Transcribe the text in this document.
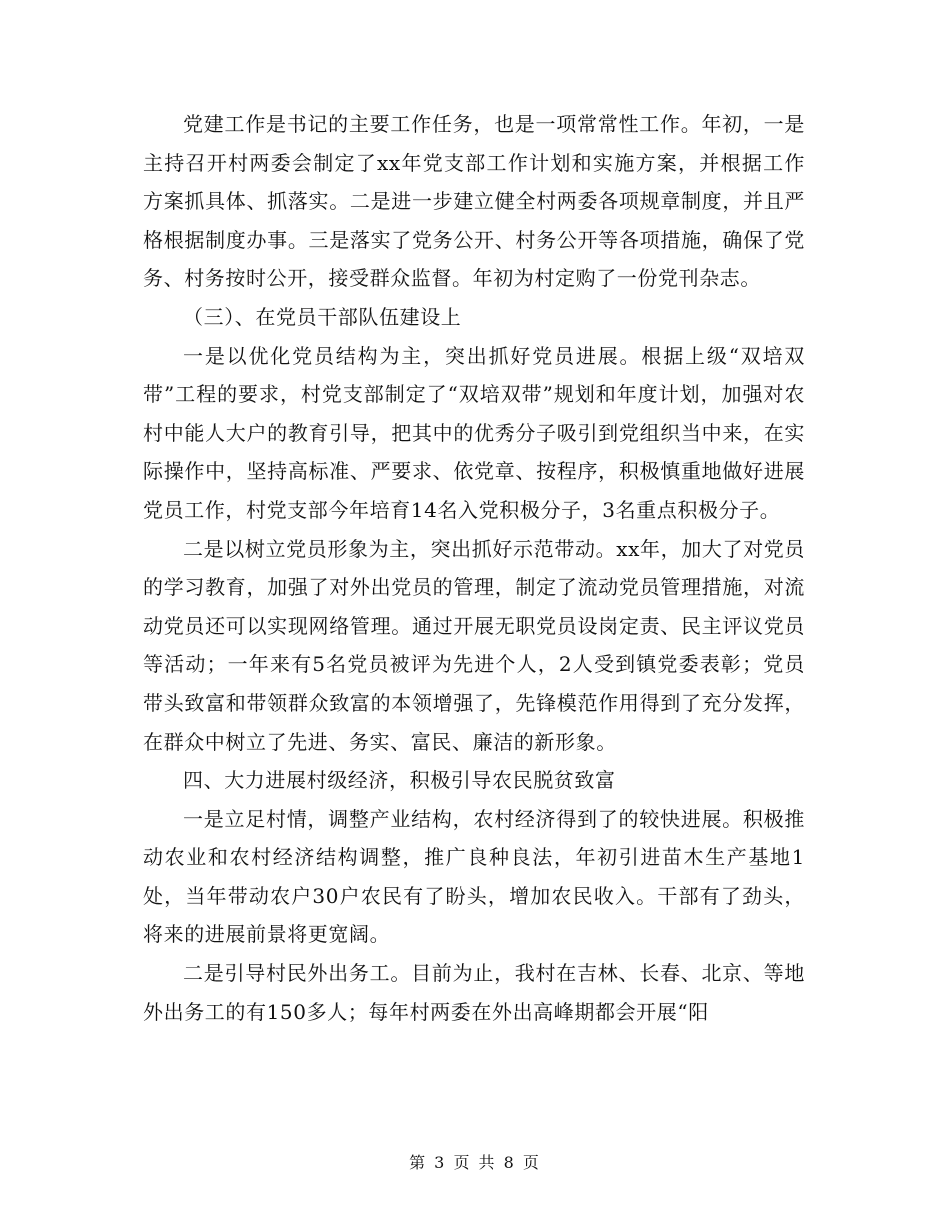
党建工作是书记的主要工作任务，也是一项常常性工作。年初，一是主持召开村两委会制定了xx年党支部工作计划和实施方案，并根据工作方案抓具体、抓落实。二是进一步建立健全村两委各项规章制度，并且严格根据制度办事。三是落实了党务公开、村务公开等各项措施，确保了党务、村务按时公开，接受群众监督。年初为村定购了一份党刊杂志。

（三）、在党员干部队伍建设上

一是以优化党员结构为主，突出抓好党员进展。根据上级“双培双带”工程的要求，村党支部制定了“双培双带”规划和年度计划，加强对农村中能人大户的教育引导，把其中的优秀分子吸引到党组织当中来，在实际操作中，坚持高标准、严要求、依党章、按程序，积极慎重地做好进展党员工作，村党支部今年培育14名入党积极分子，3名重点积极分子。

二是以树立党员形象为主，突出抓好示范带动。xx年，加大了对党员的学习教育，加强了对外出党员的管理，制定了流动党员管理措施，对流动党员还可以实现网络管理。通过开展无职党员设岗定责、民主评议党员等活动；一年来有5名党员被评为先进个人，2人受到镇党委表彰；党员带头致富和带领群众致富的本领增强了，先锋模范作用得到了充分发挥，在群众中树立了先进、务实、富民、廉洁的新形象。

四、大力进展村级经济，积极引导农民脱贫致富

一是立足村情，调整产业结构，农村经济得到了的较快进展。积极推动农业和农村经济结构调整，推广良种良法，年初引进苗木生产基地1处，当年带动农户30户农民有了盼头，增加农民收入。干部有了劲头，将来的进展前景将更宽阔。

二是引导村民外出务工。目前为止，我村在吉林、长春、北京、等地外出务工的有150多人；每年村两委在外出高峰期都会开展“阳

第 3 页 共 8 页
